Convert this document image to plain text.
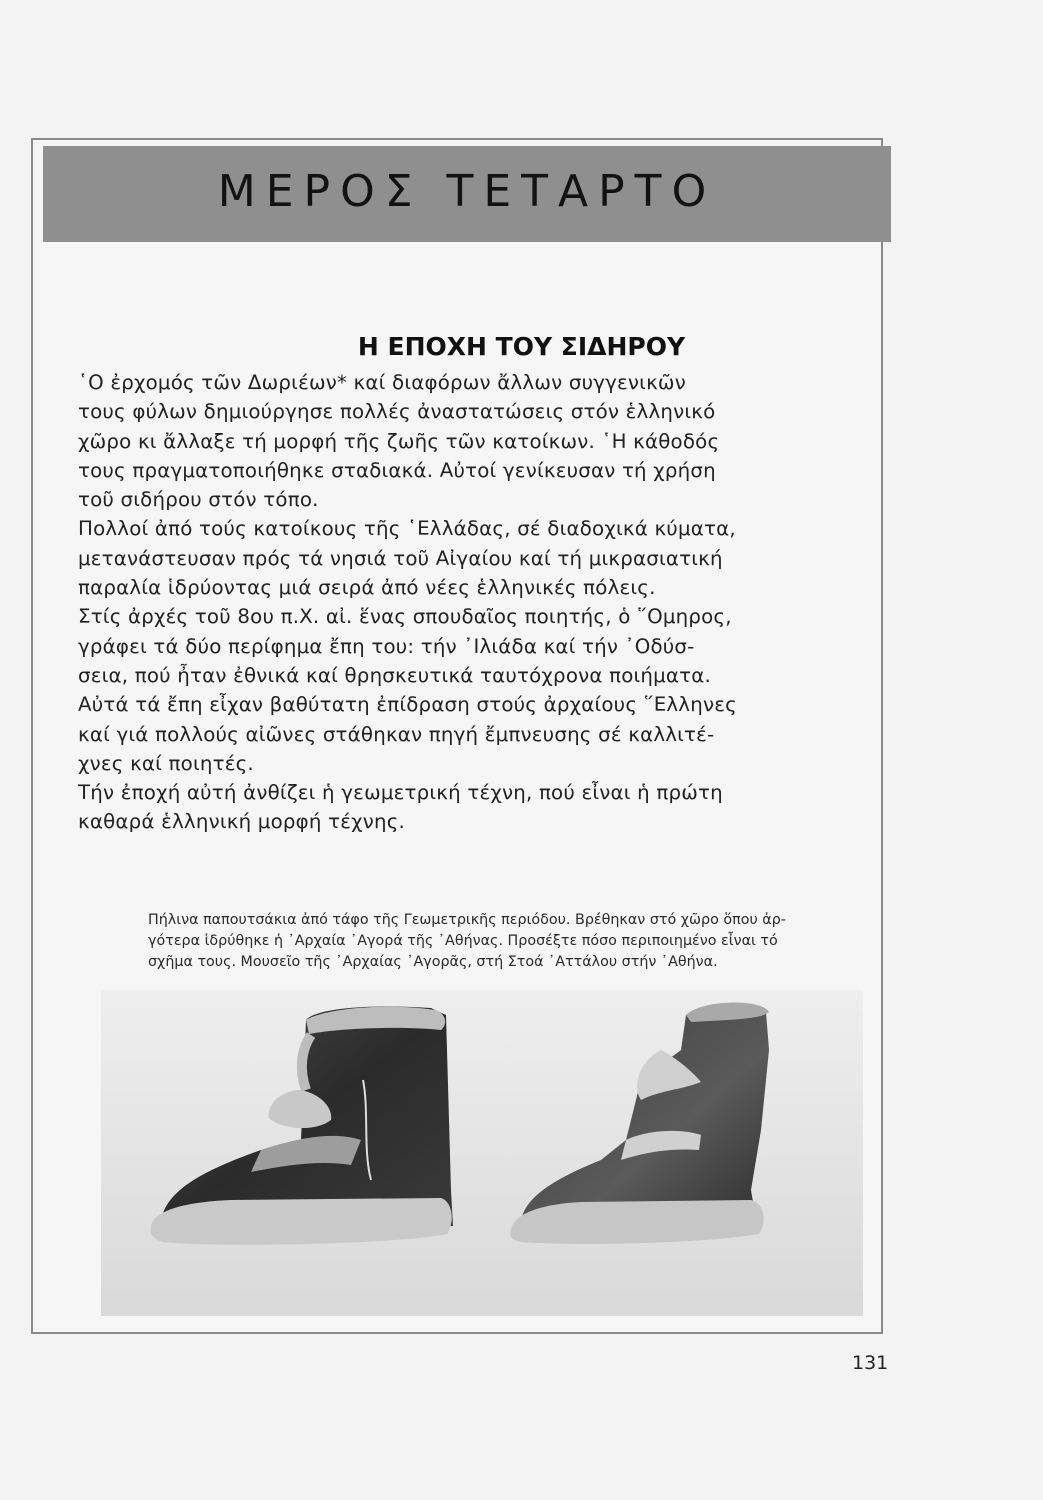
ΜΕΡΟΣ ΤΕΤΑΡΤΟ
Η ΕΠΟΧΗ ΤΟΥ ΣΙΔΗΡΟΥ
῾Ο ἐρχομός τῶν Δωριέων* καί διαφόρων ἄλλων συγγενικῶν
τους φύλων δημιούργησε πολλές ἀναστατώσεις στόν ἑλληνικό
χῶρο κι ἄλλαξε τή μορφή τῆς ζωῆς τῶν κατοίκων. ῾Η κάθοδός
τους πραγματοποιήθηκε σταδιακά. Αὐτοί γενίκευσαν τή χρήση
τοῦ σιδήρου στόν τόπο.
Πολλοί ἀπό τούς κατοίκους τῆς ῾Ελλάδας, σέ διαδοχικά κύματα,
μετανάστευσαν πρός τά νησιά τοῦ Αἰγαίου καί τή μικρασιατική
παραλία ἱδρύοντας μιά σειρά ἀπό νέες ἑλληνικές πόλεις.
Στίς ἀρχές τοῦ 8ου π.Χ. αἰ. ἕνας σπουδαῖος ποιητής, ὁ ῞Ομηρος,
γράφει τά δύο περίφημα ἔπη του: τήν ᾿Ιλιάδα καί τήν ᾿Οδύσ-
σεια, πού ἦταν ἐθνικά καί θρησκευτικά ταυτόχρονα ποιήματα.
Αὐτά τά ἔπη εἶχαν βαθύτατη ἐπίδραση στούς ἀρχαίους ῞Ελληνες
καί γιά πολλούς αἰῶνες στάθηκαν πηγή ἔμπνευσης σέ καλλιτέ-
χνες καί ποιητές.
Τήν ἐποχή αὐτή ἀνθίζει ἡ γεωμετρική τέχνη, πού εἶναι ἡ πρώτη
καθαρά ἑλληνική μορφή τέχνης.
Πήλινα παπουτσάκια ἀπό τάφο τῆς Γεωμετρικῆς περιόδου. Βρέθηκαν στό χῶρο ὅπου ἀρ-
γότερα ἱδρύθηκε ἡ ᾿Αρχαία ᾿Αγορά τῆς ᾿Αθήνας. Προσέξτε πόσο περιποιημένο εἶναι τό
σχῆμα τους. Μουσεῖο τῆς ᾿Αρχαίας ᾿Αγορᾶς, στή Στοά ᾿Αττάλου στήν ᾿Αθήνα.
131
